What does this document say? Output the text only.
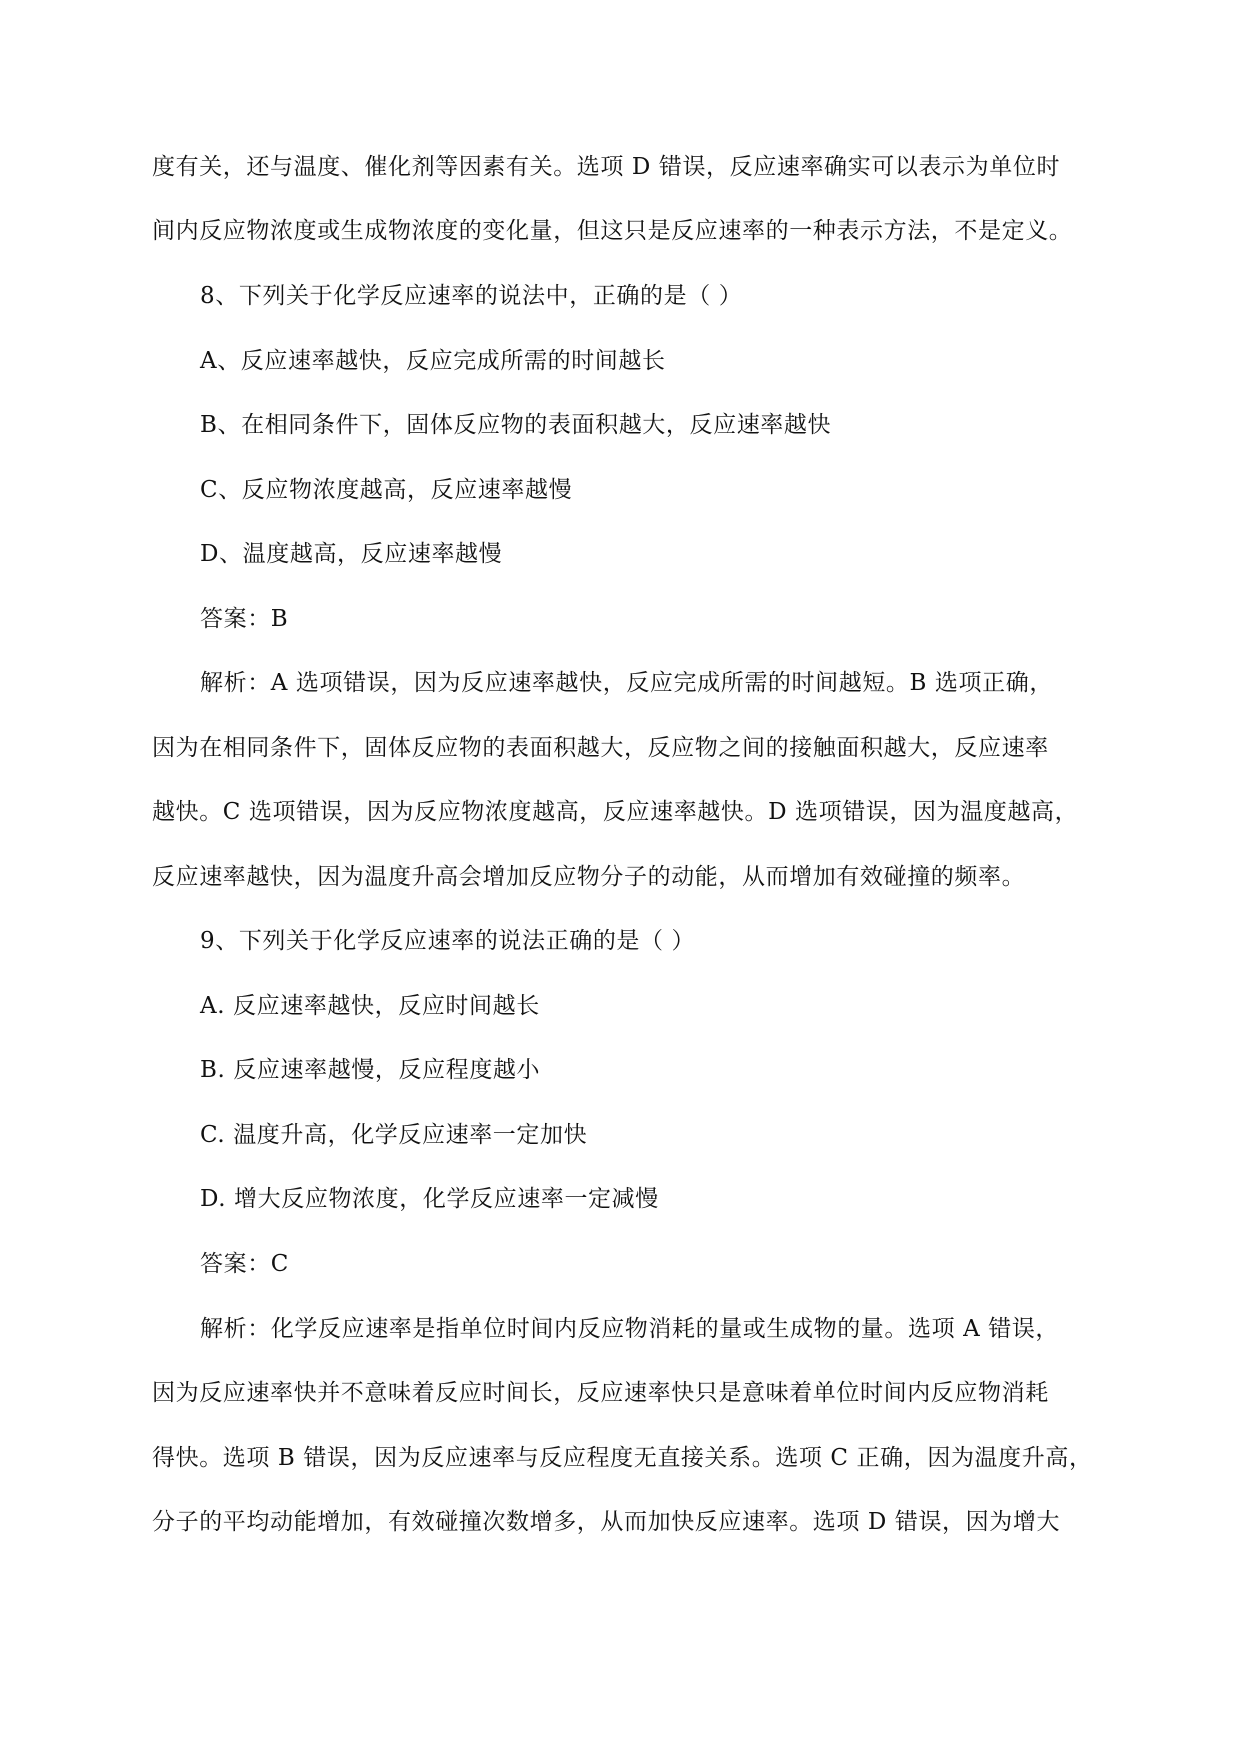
度有关，还与温度、催化剂等因素有关。选项 D 错误，反应速率确实可以表示为单位时
间内反应物浓度或生成物浓度的变化量，但这只是反应速率的一种表示方法，不是定义。
8、下列关于化学反应速率的说法中，正确的是（ ）
A、反应速率越快，反应完成所需的时间越长
B、在相同条件下，固体反应物的表面积越大，反应速率越快
C、反应物浓度越高，反应速率越慢
D、温度越高，反应速率越慢
答案：B
解析：A 选项错误，因为反应速率越快，反应完成所需的时间越短。B 选项正确，
因为在相同条件下，固体反应物的表面积越大，反应物之间的接触面积越大，反应速率
越快。C 选项错误，因为反应物浓度越高，反应速率越快。D 选项错误，因为温度越高，
反应速率越快，因为温度升高会增加反应物分子的动能，从而增加有效碰撞的频率。
9、下列关于化学反应速率的说法正确的是（ ）
A. 反应速率越快，反应时间越长
B. 反应速率越慢，反应程度越小
C. 温度升高，化学反应速率一定加快
D. 增大反应物浓度，化学反应速率一定减慢
答案：C
解析：化学反应速率是指单位时间内反应物消耗的量或生成物的量。选项 A 错误，
因为反应速率快并不意味着反应时间长，反应速率快只是意味着单位时间内反应物消耗
得快。选项 B 错误，因为反应速率与反应程度无直接关系。选项 C 正确，因为温度升高，
分子的平均动能增加，有效碰撞次数增多，从而加快反应速率。选项 D 错误，因为增大
